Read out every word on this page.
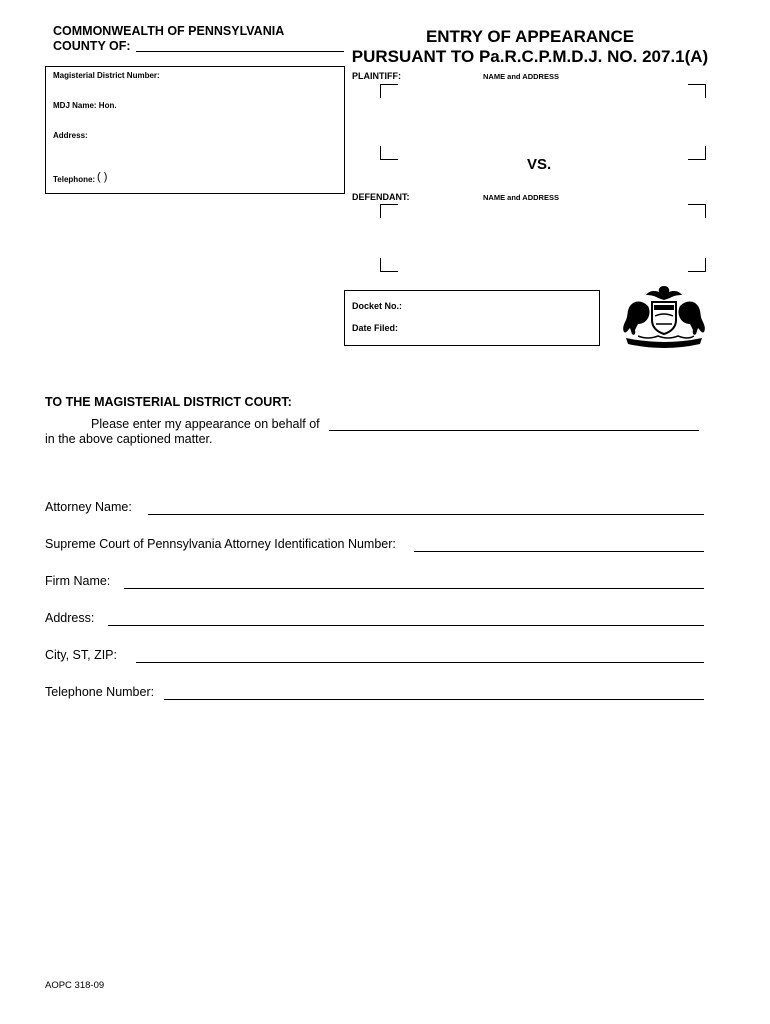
COMMONWEALTH OF PENNSYLVANIA
COUNTY OF:	ENTRY OF APPEARANCE
PURSUANT TO Pa.R.C.P.M.D.J. NO. 207.1(A)
Magisterial District Number:
MDJ Name: Hon.
Address:
Telephone: ( )
PLAINTIFF:	NAME and ADDRESS
VS.
DEFENDANT:	NAME and ADDRESS
Docket No.:
Date Filed:
TO THE MAGISTERIAL DISTRICT COURT:
Please enter my appearance on behalf of
in the above captioned matter.
Attorney Name:
Supreme Court of Pennsylvania Attorney Identification Number:
Firm Name:
Address:
City, ST, ZIP:
Telephone Number:
AOPC 318-09
